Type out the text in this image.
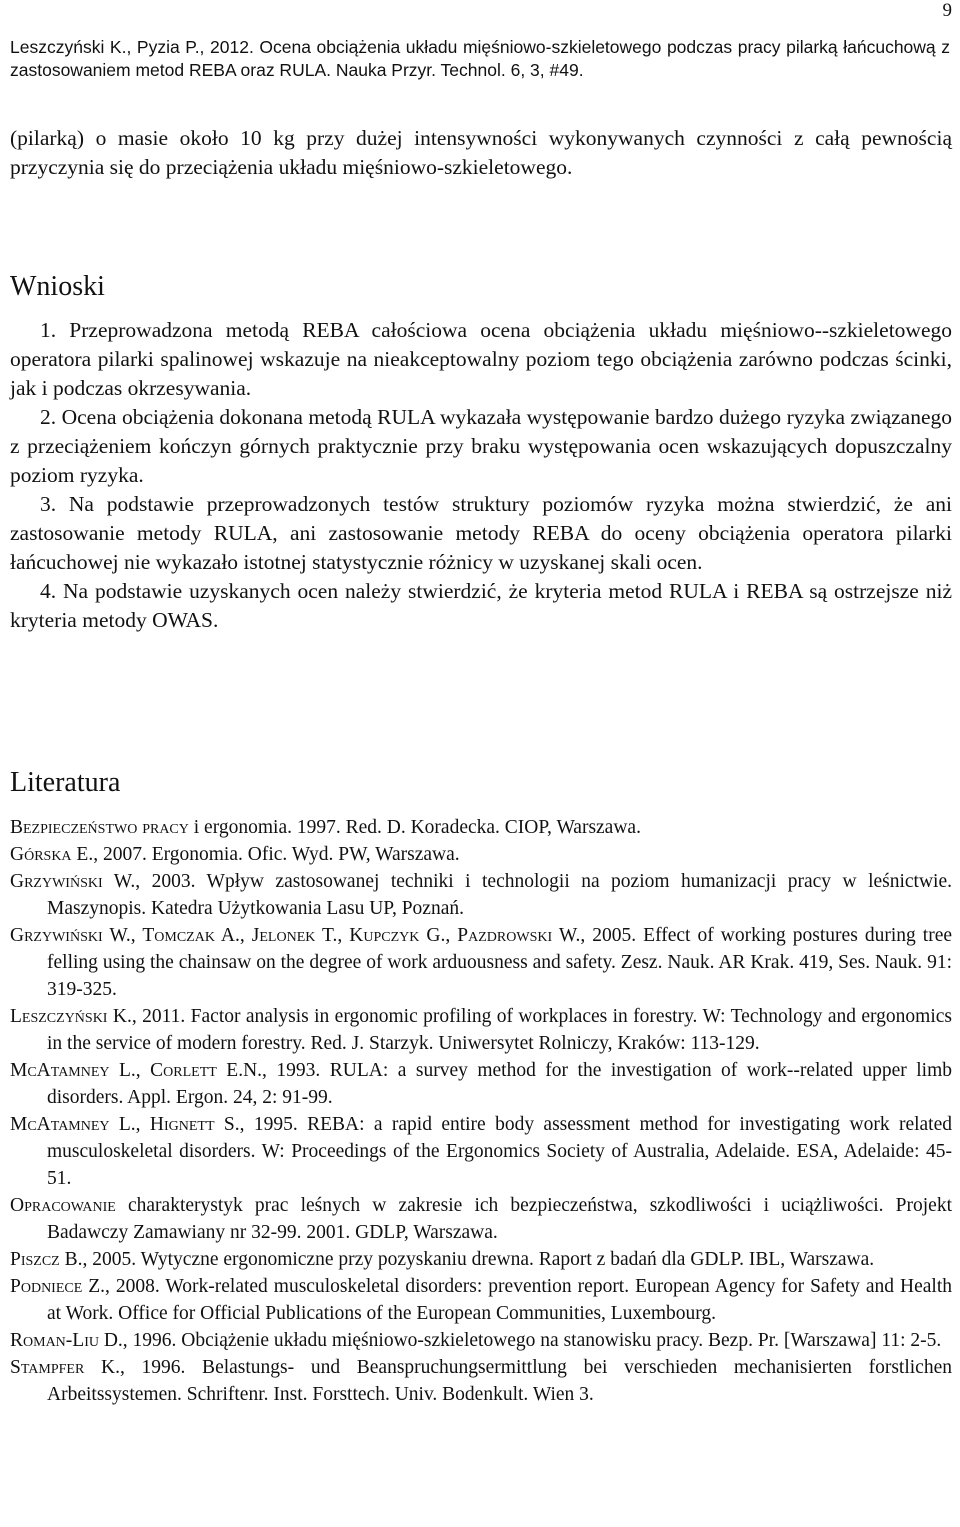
9
Leszczyński K., Pyzia P., 2012. Ocena obciążenia układu mięśniowo-szkieletowego podczas pracy pilarką łańcuchową z zastosowaniem metod REBA oraz RULA. Nauka Przyr. Technol. 6, 3, #49.
(pilarką) o masie około 10 kg przy dużej intensywności wykonywanych czynności z całą pewnością przyczynia się do przeciążenia układu mięśniowo-szkieletowego.
Wnioski

1. Przeprowadzona metodą REBA całościowa ocena obciążenia układu mięśniowo--szkieletowego operatora pilarki spalinowej wskazuje na nieakceptowalny poziom tego obciążenia zarówno podczas ścinki, jak i podczas okrzesywania.

2. Ocena obciążenia dokonana metodą RULA wykazała występowanie bardzo dużego ryzyka związanego z przeciążeniem kończyn górnych praktycznie przy braku występowania ocen wskazujących dopuszczalny poziom ryzyka.

3. Na podstawie przeprowadzonych testów struktury poziomów ryzyka można stwierdzić, że ani zastosowanie metody RULA, ani zastosowanie metody REBA do oceny obciążenia operatora pilarki łańcuchowej nie wykazało istotnej statystycznie różnicy w uzyskanej skali ocen.

4. Na podstawie uzyskanych ocen należy stwierdzić, że kryteria metod RULA i REBA są ostrzejsze niż kryteria metody OWAS.

Literatura

Bezpieczeństwo pracy i ergonomia. 1997. Red. D. Koradecka. CIOP, Warszawa.

Górska E., 2007. Ergonomia. Ofic. Wyd. PW, Warszawa.

Grzywiński W., 2003. Wpływ zastosowanej techniki i technologii na poziom humanizacji pracy w leśnictwie. Maszynopis. Katedra Użytkowania Lasu UP, Poznań.

Grzywiński W., Tomczak A., Jelonek T., Kupczyk G., Pazdrowski W., 2005. Effect of working postures during tree felling using the chainsaw on the degree of work arduousness and safety. Zesz. Nauk. AR Krak. 419, Ses. Nauk. 91: 319-325.

Leszczyński K., 2011. Factor analysis in ergonomic profiling of workplaces in forestry. W: Technology and ergonomics in the service of modern forestry. Red. J. Starzyk. Uniwersytet Rolniczy, Kraków: 113-129.

McAtamney L., Corlett E.N., 1993. RULA: a survey method for the investigation of work--related upper limb disorders. Appl. Ergon. 24, 2: 91-99.

McAtamney L., Hignett S., 1995. REBA: a rapid entire body assessment method for investigating work related musculoskeletal disorders. W: Proceedings of the Ergonomics Society of Australia, Adelaide. ESA, Adelaide: 45-51.

Opracowanie charakterystyk prac leśnych w zakresie ich bezpieczeństwa, szkodliwości i uciążliwości. Projekt Badawczy Zamawiany nr 32-99. 2001. GDLP, Warszawa.

Piszcz B., 2005. Wytyczne ergonomiczne przy pozyskaniu drewna. Raport z badań dla GDLP. IBL, Warszawa.

Podniece Z., 2008. Work-related musculoskeletal disorders: prevention report. European Agency for Safety and Health at Work. Office for Official Publications of the European Communities, Luxembourg.

Roman-Liu D., 1996. Obciążenie układu mięśniowo-szkieletowego na stanowisku pracy. Bezp. Pr. [Warszawa] 11: 2-5.

Stampfer K., 1996. Belastungs- und Beanspruchungsermittlung bei verschieden mechanisierten forstlichen Arbeitssystemen. Schriftenr. Inst. Forsttech. Univ. Bodenkult. Wien 3.
